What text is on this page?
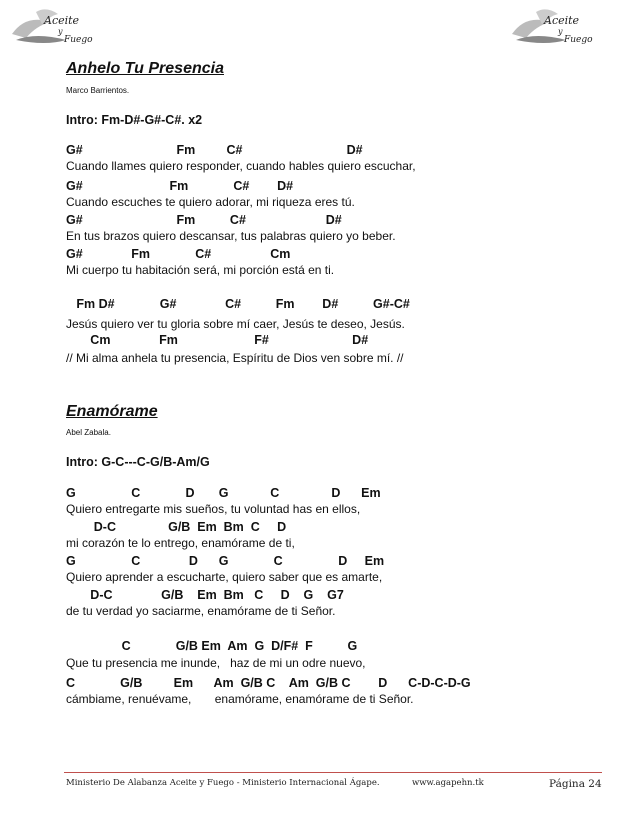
Aceite
y
Fuego
Aceite
y
Fuego
Anhelo Tu Presencia
Marco Barrientos.
Intro: Fm-D#-G#-C#. x2
G#                           Fm         C#                              D#
Cuando llames quiero responder, cuando hables quiero escuchar,
G#                         Fm             C#        D#
Cuando escuches te quiero adorar, mi riqueza eres tú.
G#                           Fm          C#                       D#
En tus brazos quiero descansar, tus palabras quiero yo beber.
G#              Fm             C#                 Cm
Mi cuerpo tu habitación será, mi porción está en ti.
Fm D#             G#              C#          Fm        D#          G#-C#
Jesús quiero ver tu gloria sobre mí caer, Jesús te deseo, Jesús.
Cm              Fm                      F#                        D#
// Mi alma anhela tu presencia, Espíritu de Dios ven sobre mí. //
Enamórame
Abel Zabala.
Intro: G-C---C-G/B-Am/G
G                C             D       G            C               D      Em
Quiero entregarte mis sueños, tu voluntad has en ellos,
D-C               G/B  Em  Bm  C     D
mi corazón te lo entrego, enamórame de ti,
G                C              D      G             C                D     Em
Quiero aprender a escucharte, quiero saber que es amarte,
D-C              G/B    Em  Bm   C     D    G    G7
de tu verdad yo saciarme, enamórame de ti Señor.
C             G/B Em  Am  G  D/F#  F          G
Que tu presencia me inunde,   haz de mi un odre nuevo,
C             G/B         Em      Am  G/B C    Am  G/B C        D      C-D-C-D-G
cámbiame, renuévame,       enamórame, enamórame de ti Señor.
Ministerio De Alabanza Aceite y Fuego - Ministerio Internacional Ágape.	www.agapehn.tk	Página 24
